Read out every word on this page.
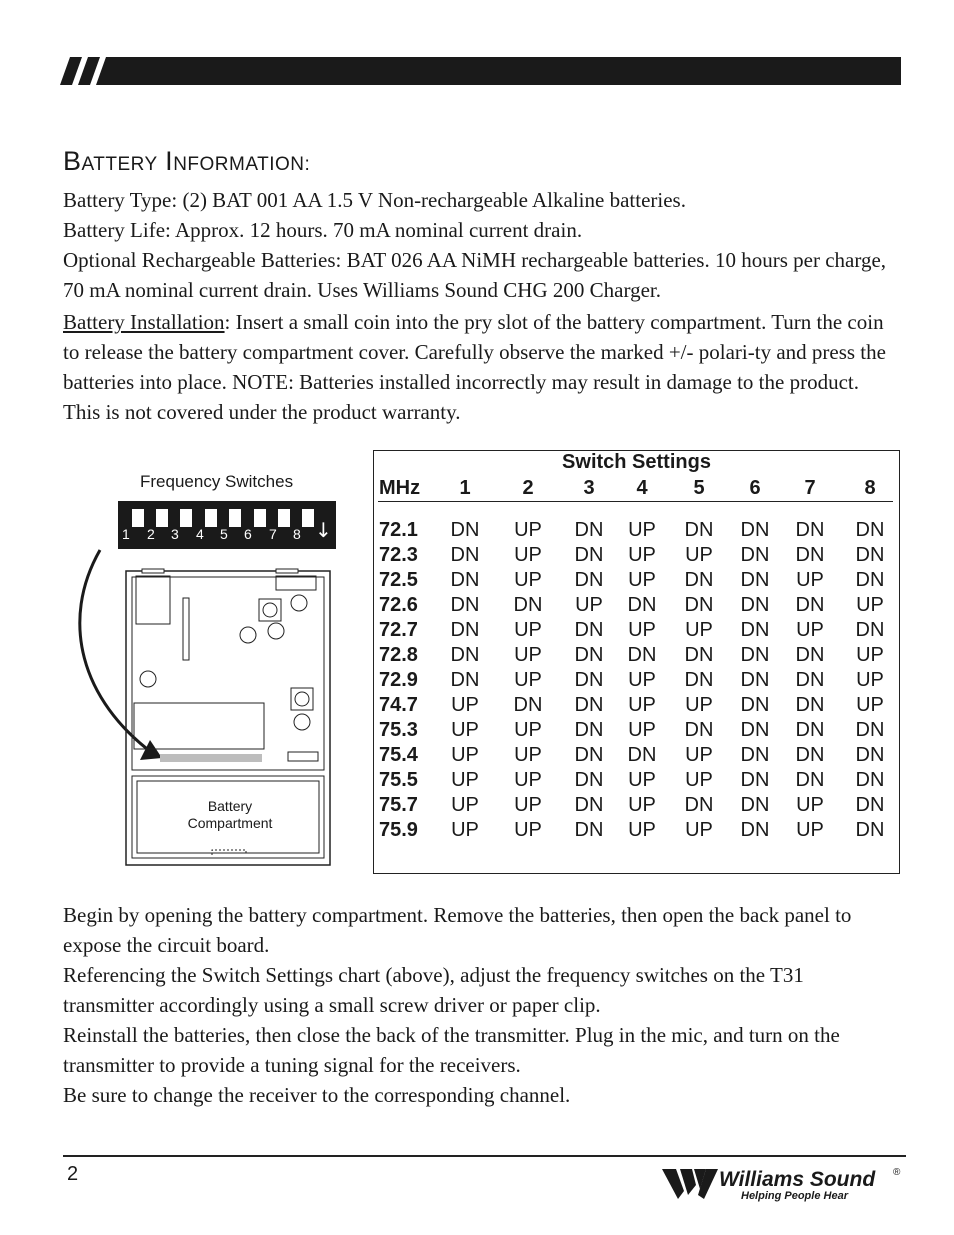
BATTERY INFORMATION:

Battery Type: (2) BAT 001 AA 1.5 V Non-rechargeable Alkaline batteries.

Battery Life: Approx. 12 hours. 70 mA nominal current drain.

Optional Rechargeable Batteries: BAT 026 AA NiMH rechargeable batteries. 10 hours per charge, 70 mA nominal current drain. Uses Williams Sound CHG 200 Charger.

Battery Installation: Insert a small coin into the pry slot of the battery compartment. Turn the coin to release the battery compartment cover. Carefully observe the marked +/- polari-ty and press the batteries into place. NOTE: Batteries installed incorrectly may result in damage to the product. This is not covered under the product warranty.

Frequency Switches
1 2 3 4 5 6 7 8 ↓
Battery
Compartment
Switch Settings
MHz	1	2	3	4	5	6	7	8
72.1	DN	UP	DN	UP	DN	DN	DN	DN
72.3	DN	UP	DN	UP	UP	DN	DN	DN
72.5	DN	UP	DN	UP	DN	DN	UP	DN
72.6	DN	DN	UP	DN	DN	DN	DN	UP
72.7	DN	UP	DN	UP	UP	DN	UP	DN
72.8	DN	UP	DN	DN	DN	DN	DN	UP
72.9	DN	UP	DN	UP	DN	DN	DN	UP
74.7	UP	DN	DN	UP	UP	DN	DN	UP
75.3	UP	UP	DN	UP	DN	DN	DN	DN
75.4	UP	UP	DN	DN	UP	DN	DN	DN
75.5	UP	UP	DN	UP	UP	DN	DN	DN
75.7	UP	UP	DN	UP	DN	DN	UP	DN
75.9	UP	UP	DN	UP	UP	DN	UP	DN

Begin by opening the battery compartment. Remove the batteries, then open the back panel to expose the circuit board.

Referencing the Switch Settings chart (above), adjust the frequency switches on the T31 transmitter accordingly using a small screw driver or paper clip.

Reinstall the batteries, then close the back of the transmitter. Plug in the mic, and turn on the transmitter to provide a tuning signal for the receivers.

Be sure to change the receiver to the corresponding channel.

2	Williams Sound ®
Helping People Hear
